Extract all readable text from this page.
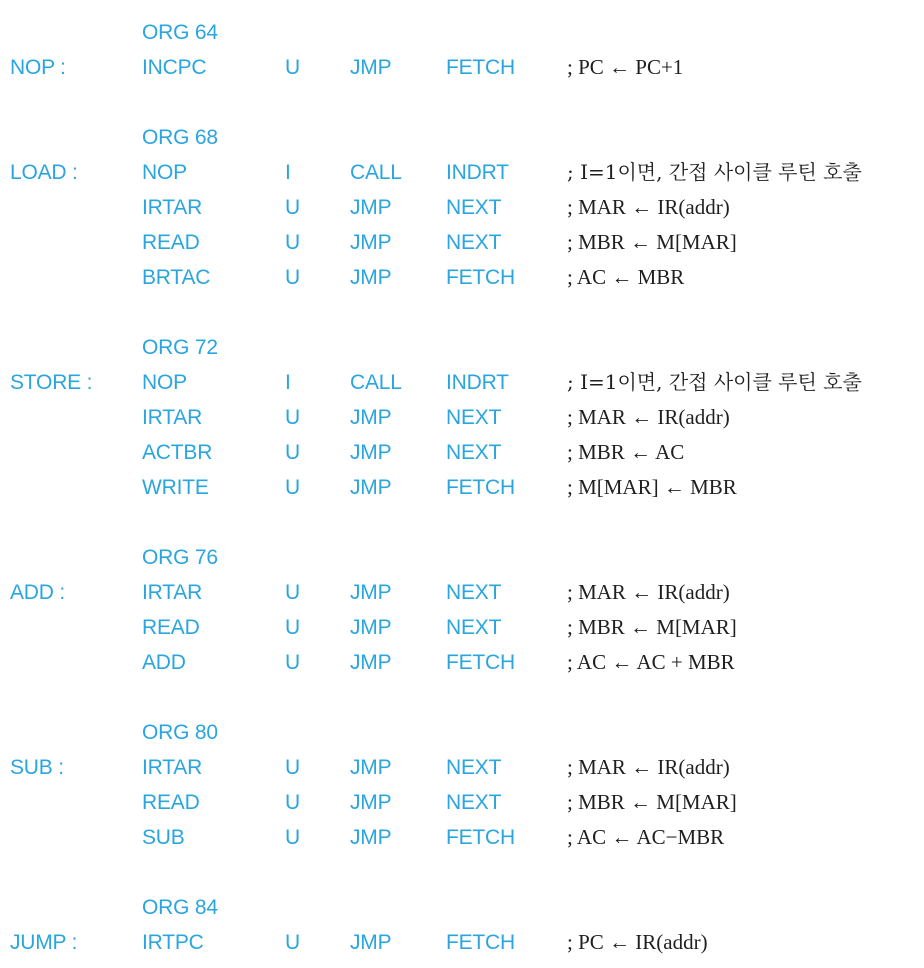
ORG 64
NOP :	INCPC	U JMP	FETCH ; PC ← PC+1
ORG 68
LOAD :	NOP	I	CALL INDRT	; I=1이면, 간접 사이클 루틴 호출
IRTAR	U JMP	NEXT	; MAR ← IR(addr)
READ	U JMP	NEXT	; MBR ← M[MAR]
BRTAC	U JMP	FETCH ; AC ← MBR
ORG 72
STORE : NOP	I	CALL INDRT	; I=1이면, 간접 사이클 루틴 호출
IRTAR	U JMP	NEXT	; MAR ← IR(addr)
ACTBR	U JMP	NEXT	; MBR ← AC
WRITE	U JMP	FETCH ; M[MAR] ← MBR
ORG 76
ADD :	IRTAR	U JMP	NEXT	; MAR ← IR(addr)
READ	U JMP	NEXT	; MBR ← M[MAR]
ADD	U JMP	FETCH ; AC ← AC + MBR
ORG 80
SUB :	IRTAR	U JMP	NEXT	; MAR ← IR(addr)
READ	U JMP	NEXT	; MBR ← M[MAR]
SUB	U JMP	FETCH ; AC ← AC−MBR
ORG 84
JUMP :	IRTPC	U JMP	FETCH ; PC ← IR(addr)
